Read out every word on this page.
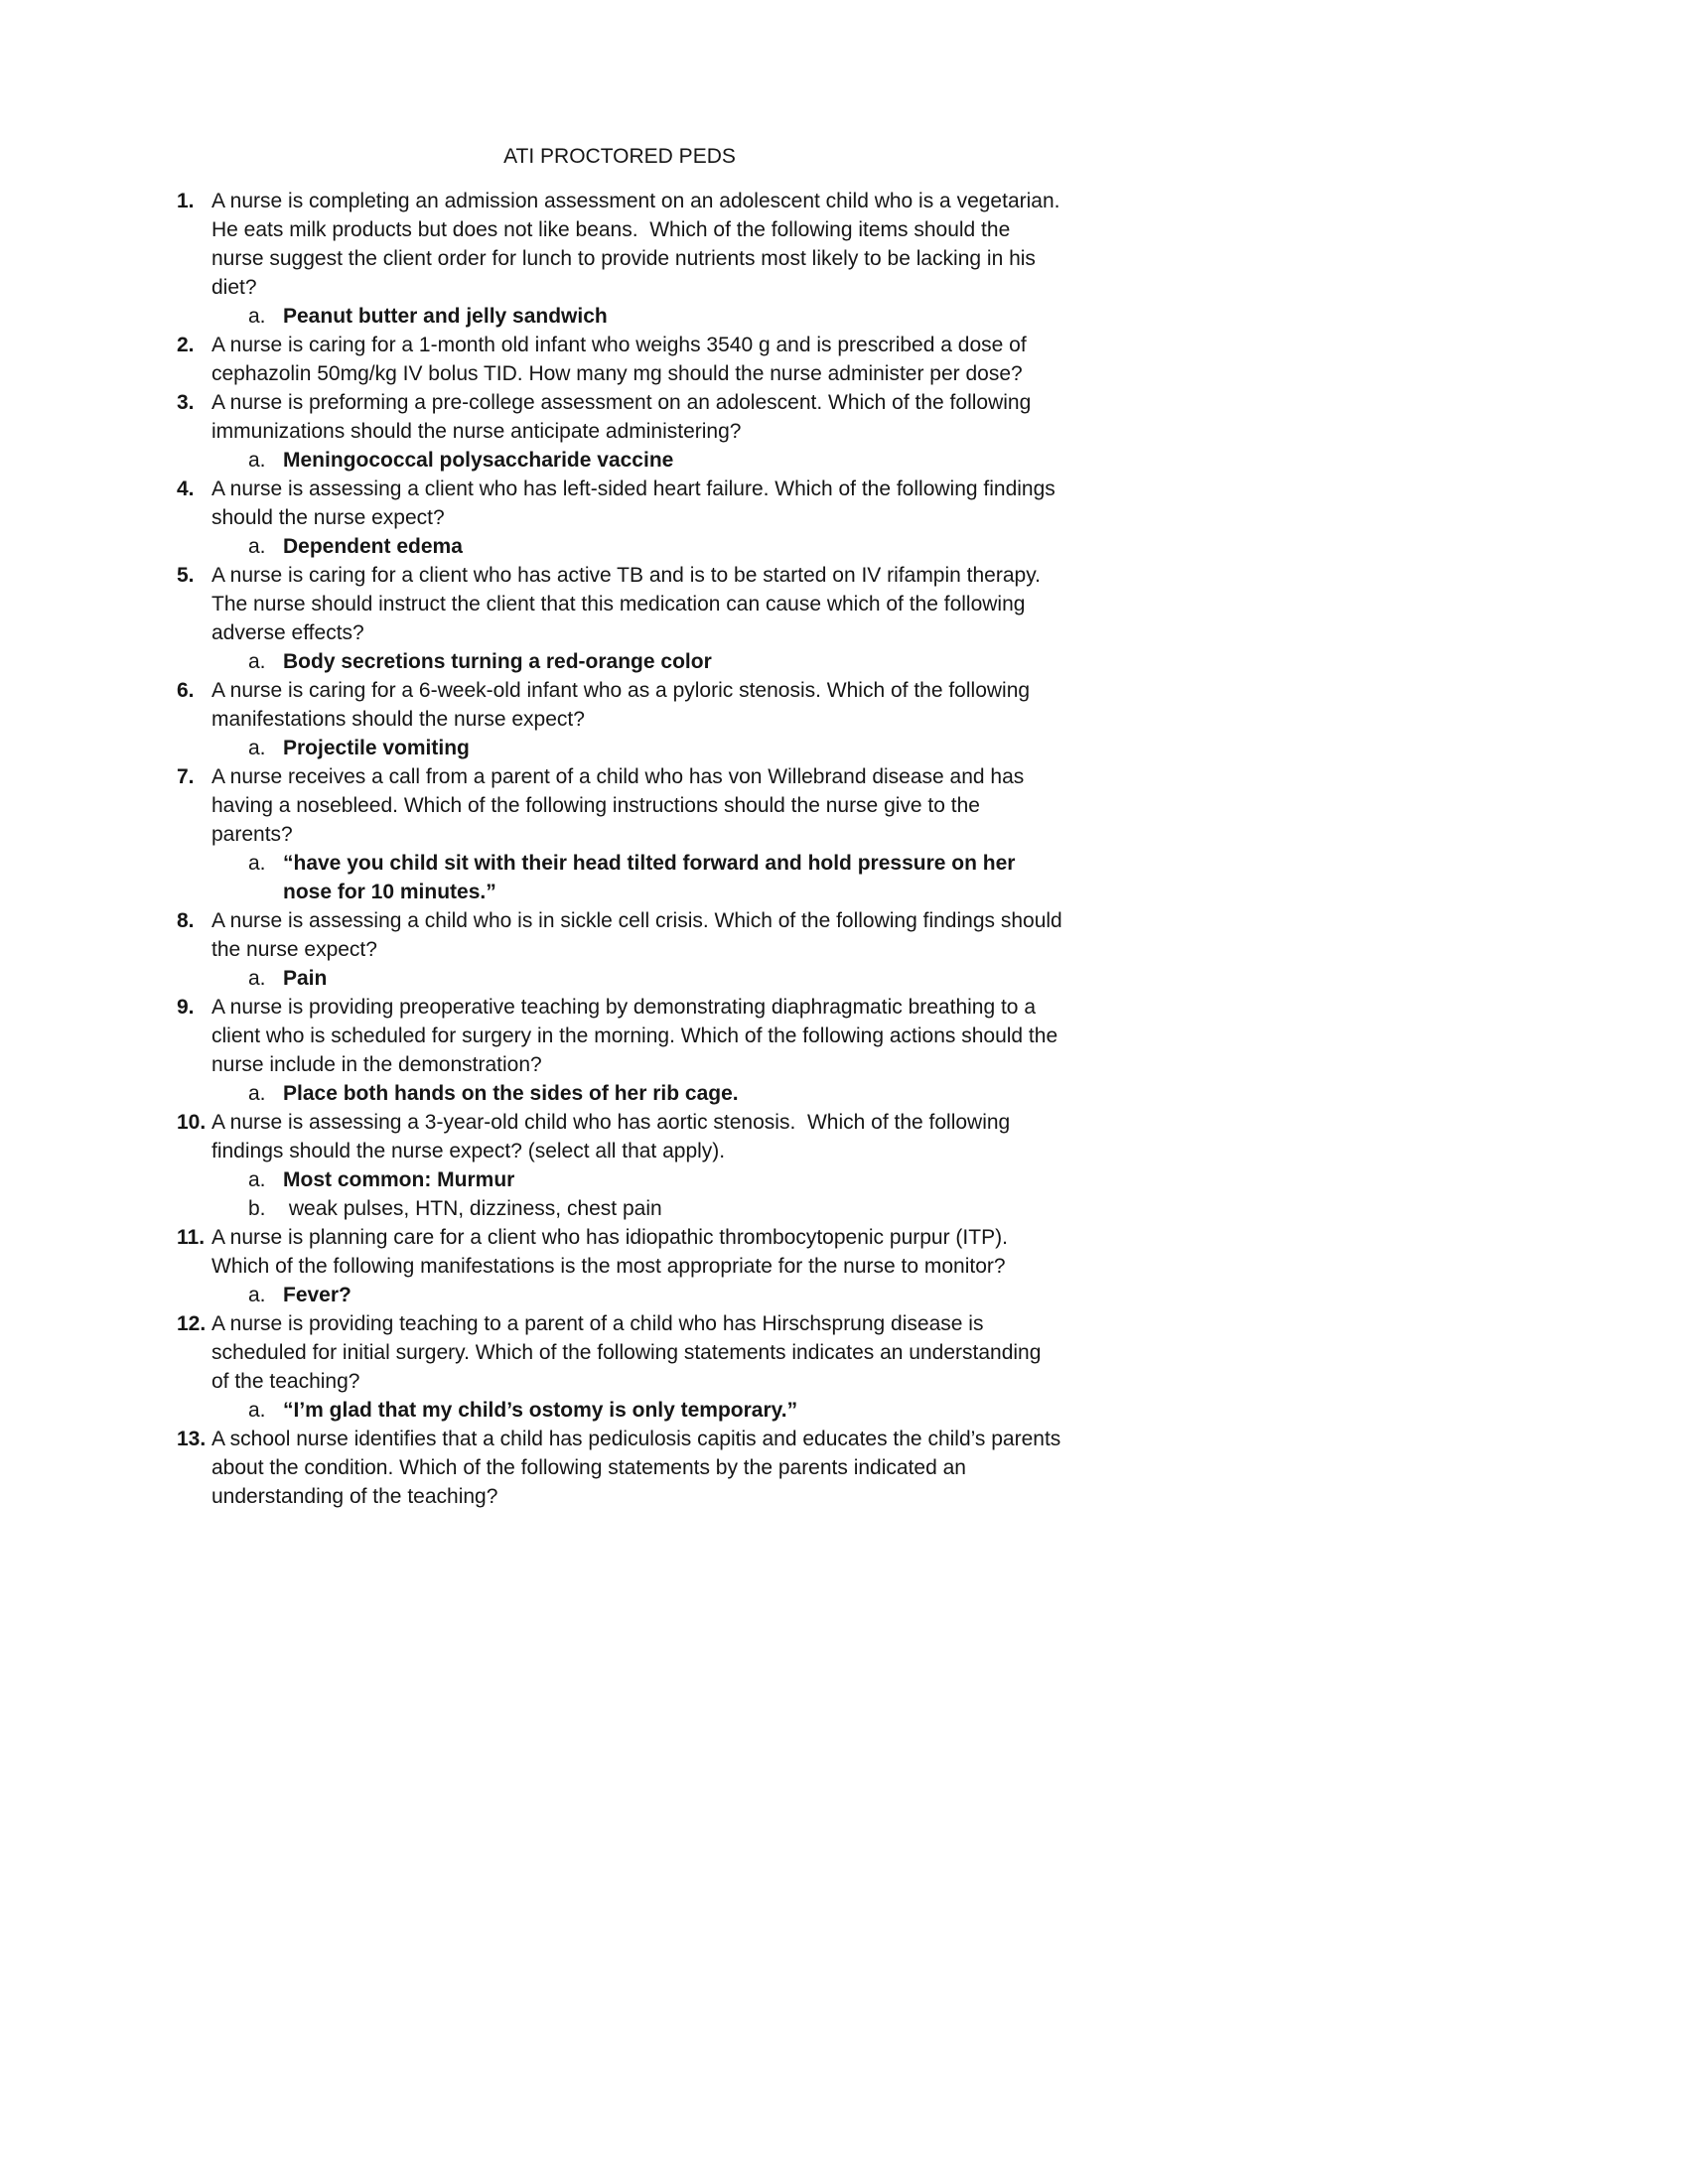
ATI PROCTORED PEDS
1. A nurse is completing an admission assessment on an adolescent child who is a vegetarian.  He eats milk products but does not like beans.  Which of the following items should the nurse suggest the client order for lunch to provide nutrients most likely to be lacking in his diet?
a. Peanut butter and jelly sandwich
2. A nurse is caring for a 1-month old infant who weighs 3540 g and is prescribed a dose of cephazolin 50mg/kg IV bolus TID. How many mg should the nurse administer per dose?
3. A nurse is preforming a pre-college assessment on an adolescent. Which of the following immunizations should the nurse anticipate administering?
a. Meningococcal polysaccharide vaccine
4. A nurse is assessing a client who has left-sided heart failure. Which of the following findings should the nurse expect?
a. Dependent edema
5. A nurse is caring for a client who has active TB and is to be started on IV rifampin therapy.  The nurse should instruct the client that this medication can cause which of the following adverse effects?
a. Body secretions turning a red-orange color
6. A nurse is caring for a 6-week-old infant who as a pyloric stenosis. Which of the following manifestations should the nurse expect?
a. Projectile vomiting
7. A nurse receives a call from a parent of a child who has von Willebrand disease and has having a nosebleed. Which of the following instructions should the nurse give to the parents?
a. “have you child sit with their head tilted forward and hold pressure on her nose for 10 minutes.”
8. A nurse is assessing a child who is in sickle cell crisis. Which of the following findings should the nurse expect?
a. Pain
9. A nurse is providing preoperative teaching by demonstrating diaphragmatic breathing to a client who is scheduled for surgery in the morning. Which of the following actions should the nurse include in the demonstration?
a. Place both hands on the sides of her rib cage.
10. A nurse is assessing a 3-year-old child who has aortic stenosis.  Which of the following findings should the nurse expect? (select all that apply).
a. Most common: Murmur
b. weak pulses, HTN, dizziness, chest pain
11. A nurse is planning care for a client who has idiopathic thrombocytopenic purpur (ITP). Which of the following manifestations is the most appropriate for the nurse to monitor?
a. Fever?
12. A nurse is providing teaching to a parent of a child who has Hirschsprung disease is scheduled for initial surgery. Which of the following statements indicates an understanding of the teaching?
a. “I’m glad that my child’s ostomy is only temporary.”
13. A school nurse identifies that a child has pediculosis capitis and educates the child’s parents about the condition. Which of the following statements by the parents indicated an understanding of the teaching?
